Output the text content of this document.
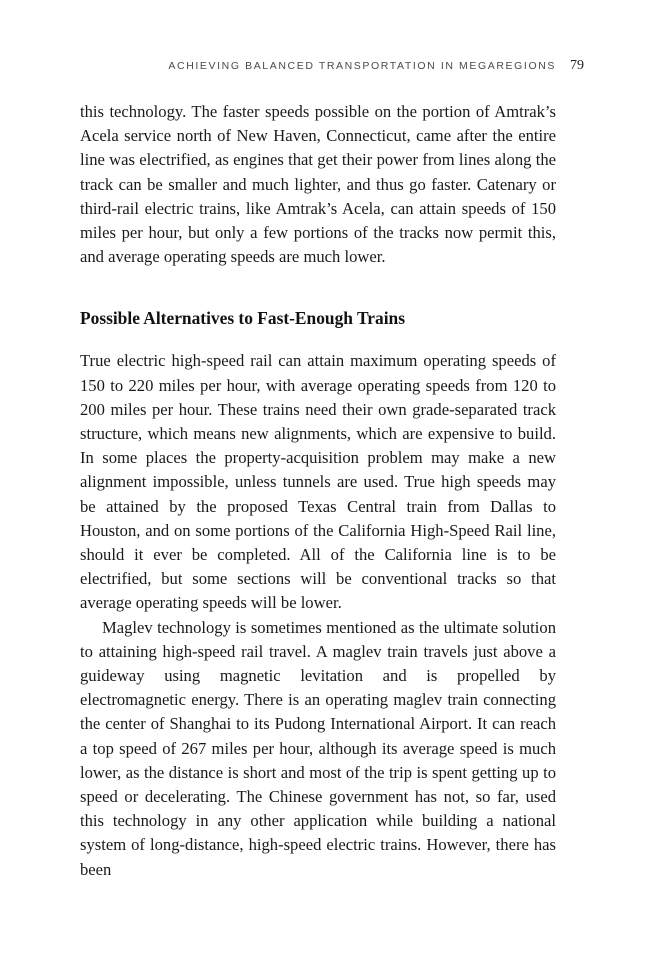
ACHIEVING BALANCED TRANSPORTATION IN MEGAREGIONS 79

this technology. The faster speeds possible on the portion of Amtrak’s Acela service north of New Haven, Connecticut, came after the entire line was electrified, as engines that get their power from lines along the track can be smaller and much lighter, and thus go faster. Catenary or third-rail electric trains, like Amtrak’s Acela, can attain speeds of 150 miles per hour, but only a few portions of the tracks now permit this, and average operating speeds are much lower.

Possible Alternatives to Fast-Enough Trains

True electric high-speed rail can attain maximum operating speeds of 150 to 220 miles per hour, with average operating speeds from 120 to 200 miles per hour. These trains need their own grade-separated track structure, which means new alignments, which are expensive to build. In some places the property-acquisition problem may make a new alignment impossible, unless tunnels are used. True high speeds may be attained by the proposed Texas Central train from Dallas to Houston, and on some portions of the California High-Speed Rail line, should it ever be completed. All of the California line is to be electrified, but some sections will be conventional tracks so that average operating speeds will be lower.

Maglev technology is sometimes mentioned as the ultimate solution to attaining high-speed rail travel. A maglev train travels just above a guideway using magnetic levitation and is propelled by electromagnetic energy. There is an operating maglev train connecting the center of Shanghai to its Pudong International Airport. It can reach a top speed of 267 miles per hour, although its average speed is much lower, as the distance is short and most of the trip is spent getting up to speed or decelerating. The Chinese government has not, so far, used this technology in any other application while building a national system of long-distance, high-speed electric trains. However, there has been
